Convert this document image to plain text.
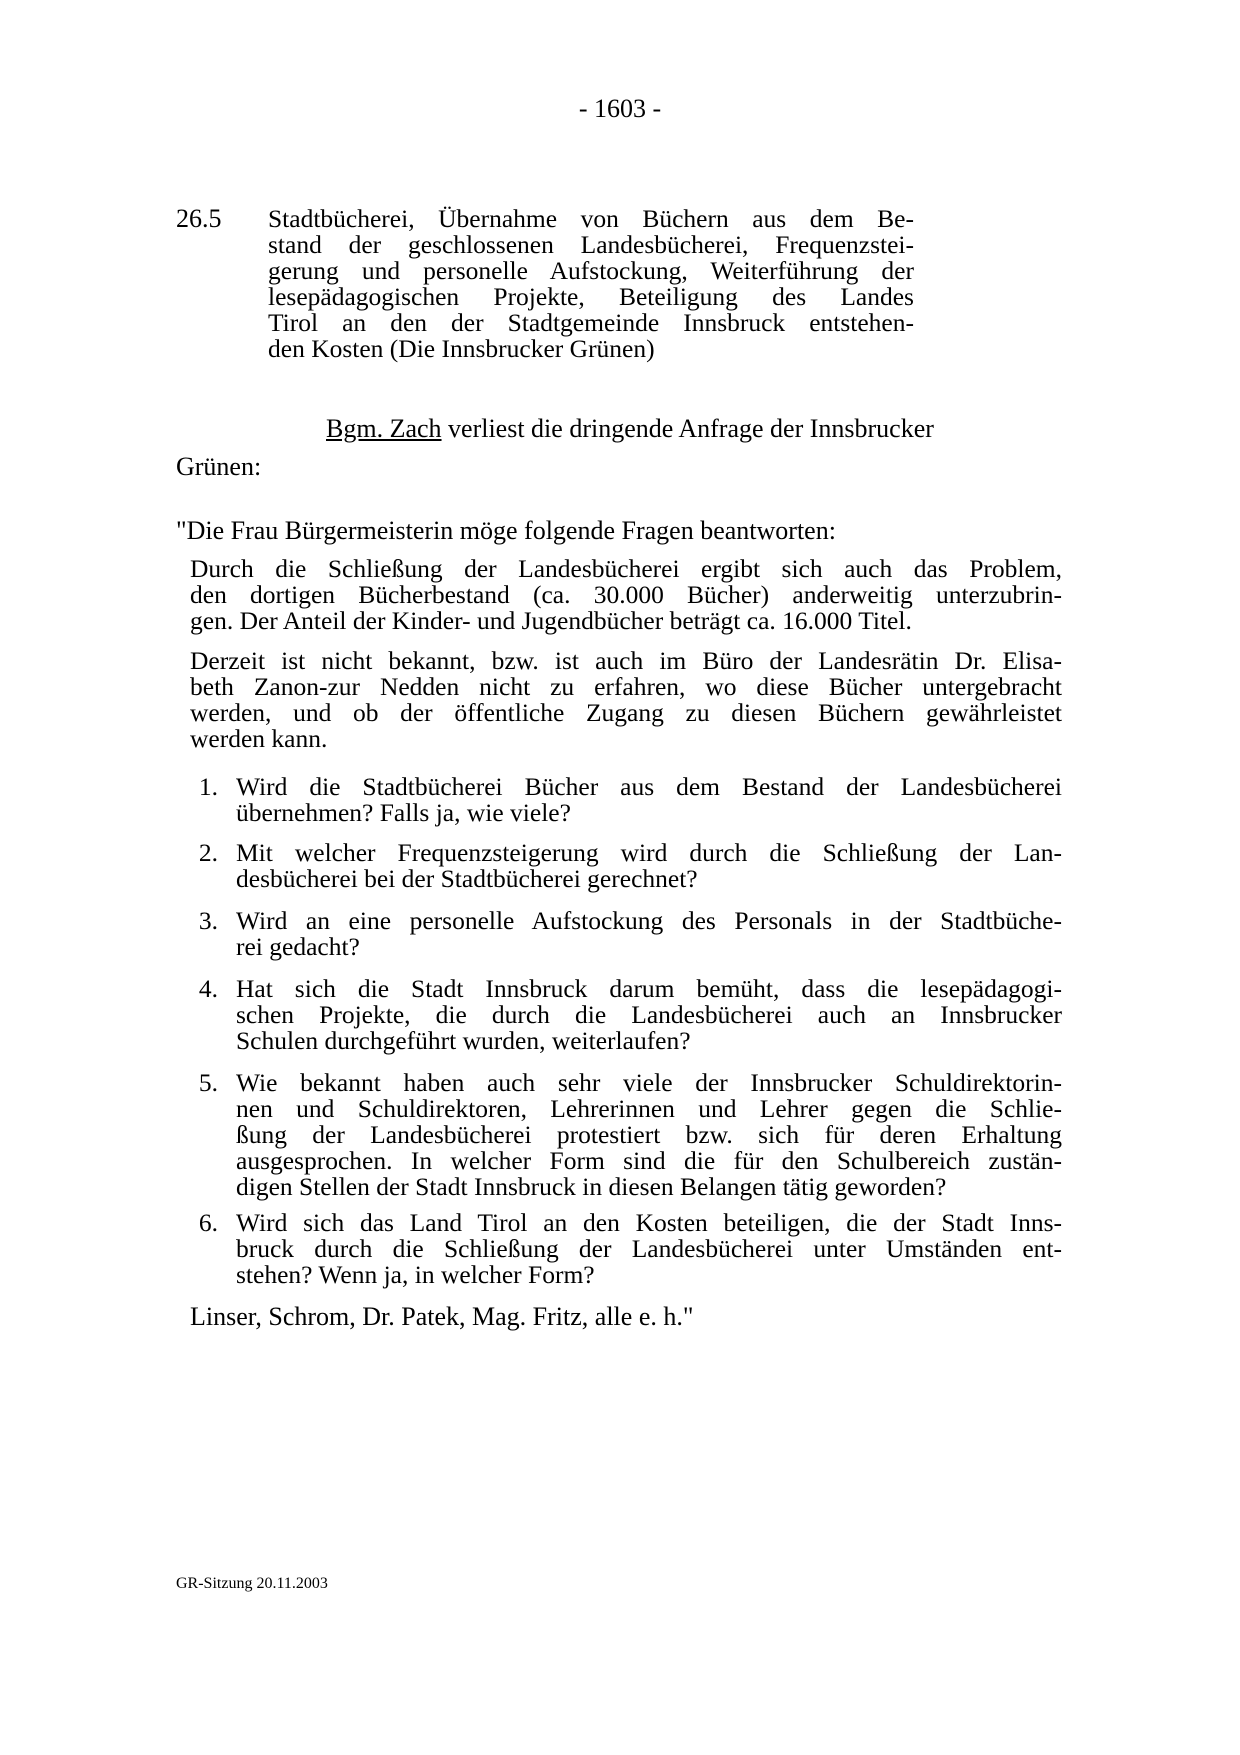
- 1603 -
26.5 Stadtbücherei, Übernahme von Büchern aus dem Be-
stand der geschlossenen Landesbücherei, Frequenzstei-
gerung und personelle Aufstockung, Weiterführung der
lesepädagogischen Projekte, Beteiligung des Landes
Tirol an den der Stadtgemeinde Innsbruck entstehen-
den Kosten (Die Innsbrucker Grünen)
Bgm. Zach verliest die dringende Anfrage der Innsbrucker
Grünen:
"Die Frau Bürgermeisterin möge folgende Fragen beantworten:
Durch die Schließung der Landesbücherei ergibt sich auch das Problem,
den dortigen Bücherbestand (ca. 30.000 Bücher) anderweitig unterzubrin-
gen. Der Anteil der Kinder- und Jugendbücher beträgt ca. 16.000 Titel.
Derzeit ist nicht bekannt, bzw. ist auch im Büro der Landesrätin Dr. Elisa-
beth Zanon-zur Nedden nicht zu erfahren, wo diese Bücher untergebracht
werden, und ob der öffentliche Zugang zu diesen Büchern gewährleistet
werden kann.
1. Wird die Stadtbücherei Bücher aus dem Bestand der Landesbücherei
übernehmen? Falls ja, wie viele?
2. Mit welcher Frequenzsteigerung wird durch die Schließung der Lan-
desbücherei bei der Stadtbücherei gerechnet?
3. Wird an eine personelle Aufstockung des Personals in der Stadtbüche-
rei gedacht?
4. Hat sich die Stadt Innsbruck darum bemüht, dass die lesepädagogi-
schen Projekte, die durch die Landesbücherei auch an Innsbrucker
Schulen durchgeführt wurden, weiterlaufen?
5. Wie bekannt haben auch sehr viele der Innsbrucker Schuldirektorin-
nen und Schuldirektoren, Lehrerinnen und Lehrer gegen die Schlie-
ßung der Landesbücherei protestiert bzw. sich für deren Erhaltung
ausgesprochen. In welcher Form sind die für den Schulbereich zustän-
digen Stellen der Stadt Innsbruck in diesen Belangen tätig geworden?
6. Wird sich das Land Tirol an den Kosten beteiligen, die der Stadt Inns-
bruck durch die Schließung der Landesbücherei unter Umständen ent-
stehen? Wenn ja, in welcher Form?
Linser, Schrom, Dr. Patek, Mag. Fritz, alle e. h."
GR-Sitzung 20.11.2003
